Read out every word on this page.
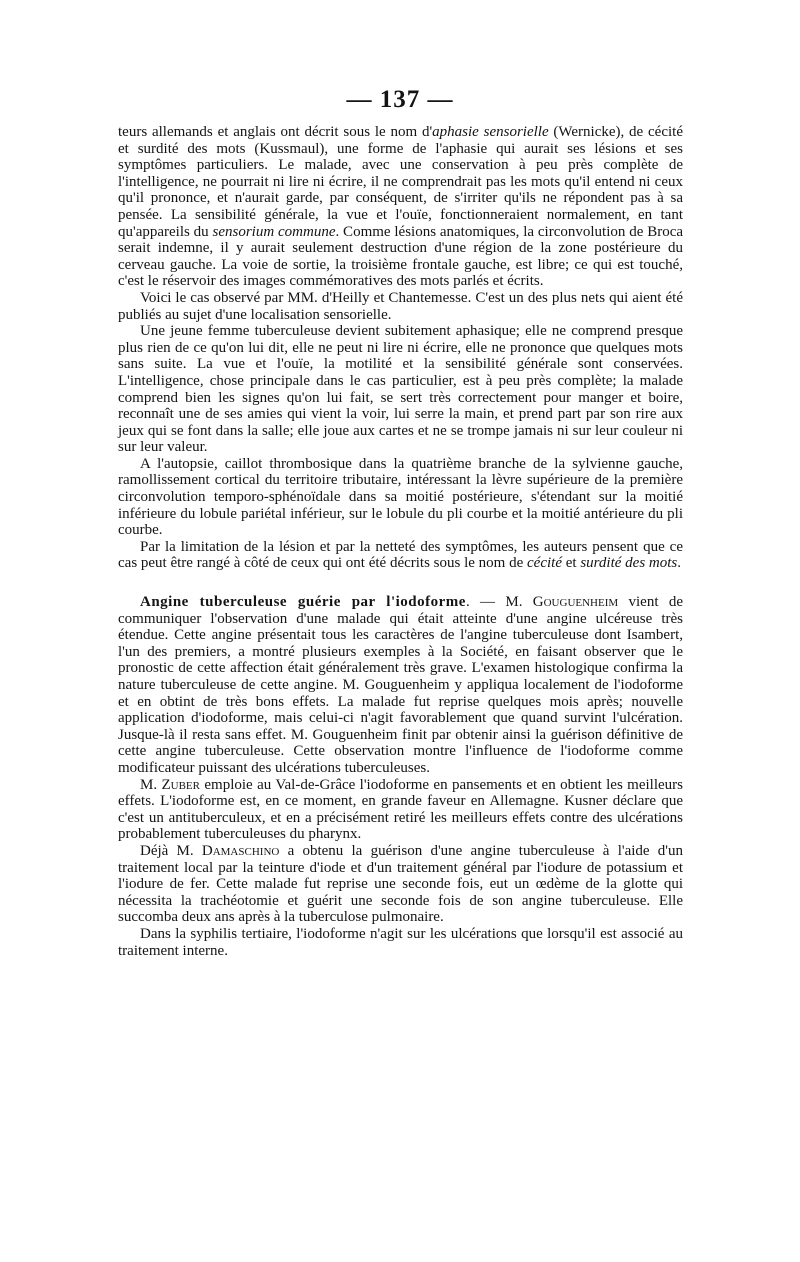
— 137 —

teurs allemands et anglais ont décrit sous le nom d'aphasie sensorielle (Wernicke), de cécité et surdité des mots (Kussmaul), une forme de l'aphasie qui aurait ses lésions et ses symptômes particuliers. Le malade, avec une conservation à peu près complète de l'intelligence, ne pourrait ni lire ni écrire, il ne comprendrait pas les mots qu'il entend ni ceux qu'il prononce, et n'aurait garde, par conséquent, de s'irriter qu'ils ne répondent pas à sa pensée. La sensibilité générale, la vue et l'ouïe, fonctionneraient normalement, en tant qu'appareils du sensorium commune. Comme lésions anatomiques, la circonvolution de Broca serait indemne, il y aurait seulement destruction d'une région de la zone postérieure du cerveau gauche. La voie de sortie, la troisième frontale gauche, est libre; ce qui est touché, c'est le réservoir des images commémoratives des mots parlés et écrits.

Voici le cas observé par MM. d'Heilly et Chantemesse. C'est un des plus nets qui aient été publiés au sujet d'une localisation sensorielle.

Une jeune femme tuberculeuse devient subitement aphasique; elle ne comprend presque plus rien de ce qu'on lui dit, elle ne peut ni lire ni écrire, elle ne prononce que quelques mots sans suite. La vue et l'ouïe, la motilité et la sensibilité générale sont conservées. L'intelligence, chose principale dans le cas particulier, est à peu près complète; la malade comprend bien les signes qu'on lui fait, se sert très correctement pour manger et boire, reconnaît une de ses amies qui vient la voir, lui serre la main, et prend part par son rire aux jeux qui se font dans la salle; elle joue aux cartes et ne se trompe jamais ni sur leur couleur ni sur leur valeur.

A l'autopsie, caillot thrombosique dans la quatrième branche de la sylvienne gauche, ramollissement cortical du territoire tributaire, intéressant la lèvre supérieure de la première circonvolution temporo-sphénoïdale dans sa moitié postérieure, s'étendant sur la moitié inférieure du lobule pariétal inférieur, sur le lobule du pli courbe et la moitié antérieure du pli courbe.

Par la limitation de la lésion et par la netteté des symptômes, les auteurs pensent que ce cas peut être rangé à côté de ceux qui ont été décrits sous le nom de cécité et surdité des mots.

Angine tuberculeuse guérie par l'iodoforme. — M. Gouguenheim vient de communiquer l'observation d'une malade qui était atteinte d'une angine ulcéreuse très étendue. Cette angine présentait tous les caractères de l'angine tuberculeuse dont Isambert, l'un des premiers, a montré plusieurs exemples à la Société, en faisant observer que le pronostic de cette affection était généralement très grave. L'examen histologique confirma la nature tuberculeuse de cette angine. M. Gouguenheim y appliqua localement de l'iodoforme et en obtint de très bons effets. La malade fut reprise quelques mois après; nouvelle application d'iodoforme, mais celui-ci n'agit favorablement que quand survint l'ulcération. Jusque-là il resta sans effet. M. Gouguenheim finit par obtenir ainsi la guérison définitive de cette angine tuberculeuse. Cette observation montre l'influence de l'iodoforme comme modificateur puissant des ulcérations tuberculeuses.

M. Zuber emploie au Val-de-Grâce l'iodoforme en pansements et en obtient les meilleurs effets. L'iodoforme est, en ce moment, en grande faveur en Allemagne. Kusner déclare que c'est un antituberculeux, et en a précisément retiré les meilleurs effets contre des ulcérations probablement tuberculeuses du pharynx.

Déjà M. Damaschino a obtenu la guérison d'une angine tuberculeuse à l'aide d'un traitement local par la teinture d'iode et d'un traitement général par l'iodure de potassium et l'iodure de fer. Cette malade fut reprise une seconde fois, eut un œdème de la glotte qui nécessita la trachéotomie et guérit une seconde fois de son angine tuberculeuse. Elle succomba deux ans après à la tuberculose pulmonaire.

Dans la syphilis tertiaire, l'iodoforme n'agit sur les ulcérations que lorsqu'il est associé au traitement interne.
